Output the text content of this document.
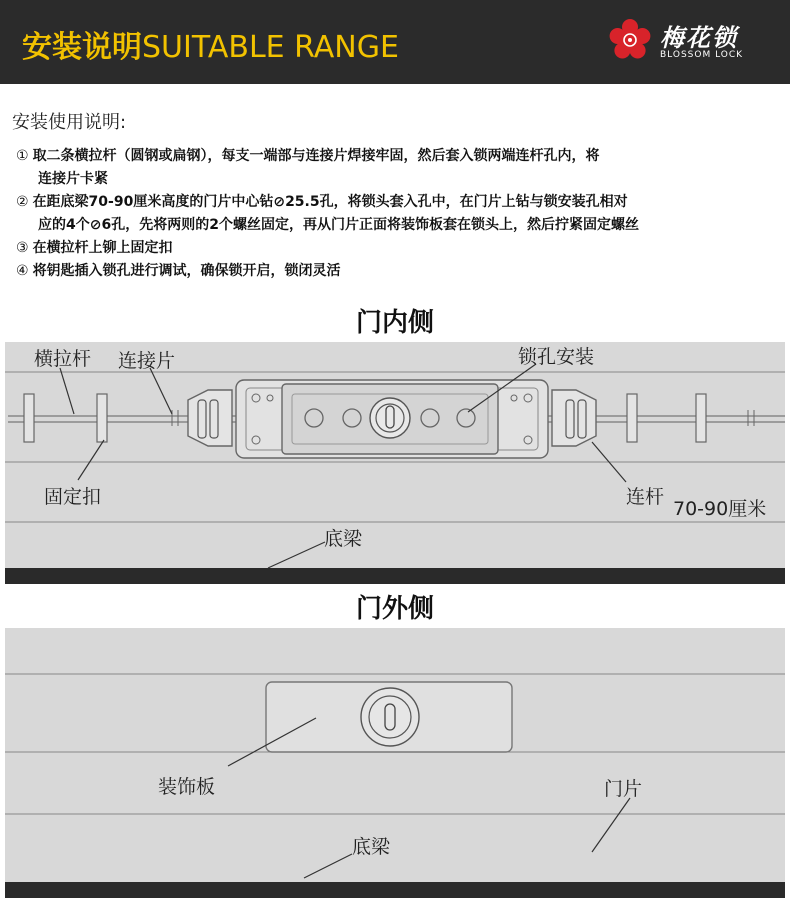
安装说明SUITABLE RANGE	梅花锁
BLOSSOM LOCK
安装使用说明:
① 取二条横拉杆（圆钢或扁钢），每支一端部与连接片焊接牢固，然后套入锁两端连杆孔内，将
连接片卡紧
② 在距底梁70-90厘米高度的门片中心钻⊘25.5孔，将锁头套入孔中，在门片上钻与锁安装孔相对
应的4个⊘6孔，先将两则的2个螺丝固定，再从门片正面将装饰板套在锁头上，然后拧紧固定螺丝
③ 在横拉杆上铆上固定扣
④ 将钥匙插入锁孔进行调试，确保锁开启，锁闭灵活
门内侧
横拉杆 连接片	锁孔安装
固定扣	连杆
70-90厘米
底梁
门外侧
装饰板	门片
底梁
